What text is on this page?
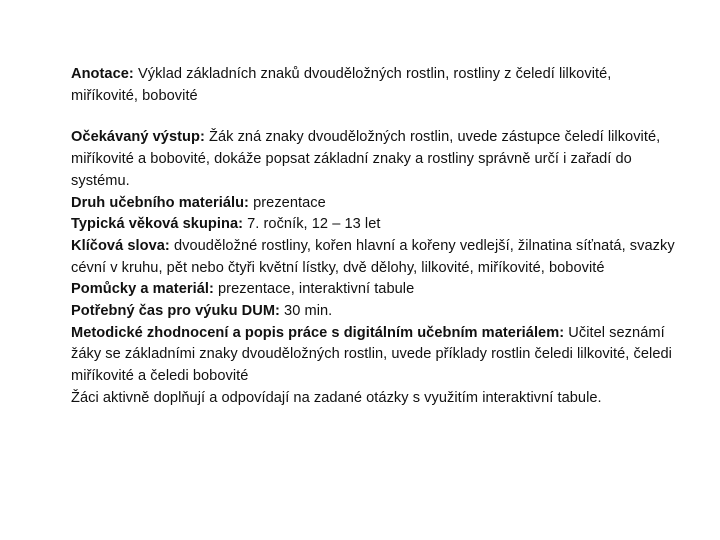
Anotace: Výklad základních znaků dvouděložných rostlin, rostliny z čeledí lilkovité, miříkovité, bobovité

Očekávaný výstup: Žák zná znaky dvouděložných rostlin, uvede zástupce čeledí lilkovité, miříkovité a bobovité, dokáže popsat základní znaky a rostliny správně určí i zařadí do systému.

Druh učebního materiálu: prezentace

Typická věková skupina: 7. ročník, 12 – 13 let

Klíčová slova: dvouděložné rostliny, kořen hlavní a kořeny vedlejší, žilnatina síťnatá, svazky cévní v kruhu, pět nebo čtyři květní lístky, dvě dělohy, lilkovité, miříkovité, bobovité

Pomůcky a materiál: prezentace, interaktivní tabule

Potřebný čas pro výuku DUM: 30 min.

Metodické zhodnocení a popis práce s digitálním učebním materiálem: Učitel seznámí žáky se základními znaky dvouděložných rostlin, uvede příklady rostlin čeledi lilkovité, čeledi miříkovité a čeledi bobovité

Žáci aktivně doplňují a odpovídají na zadané otázky s využitím interaktivní tabule.
